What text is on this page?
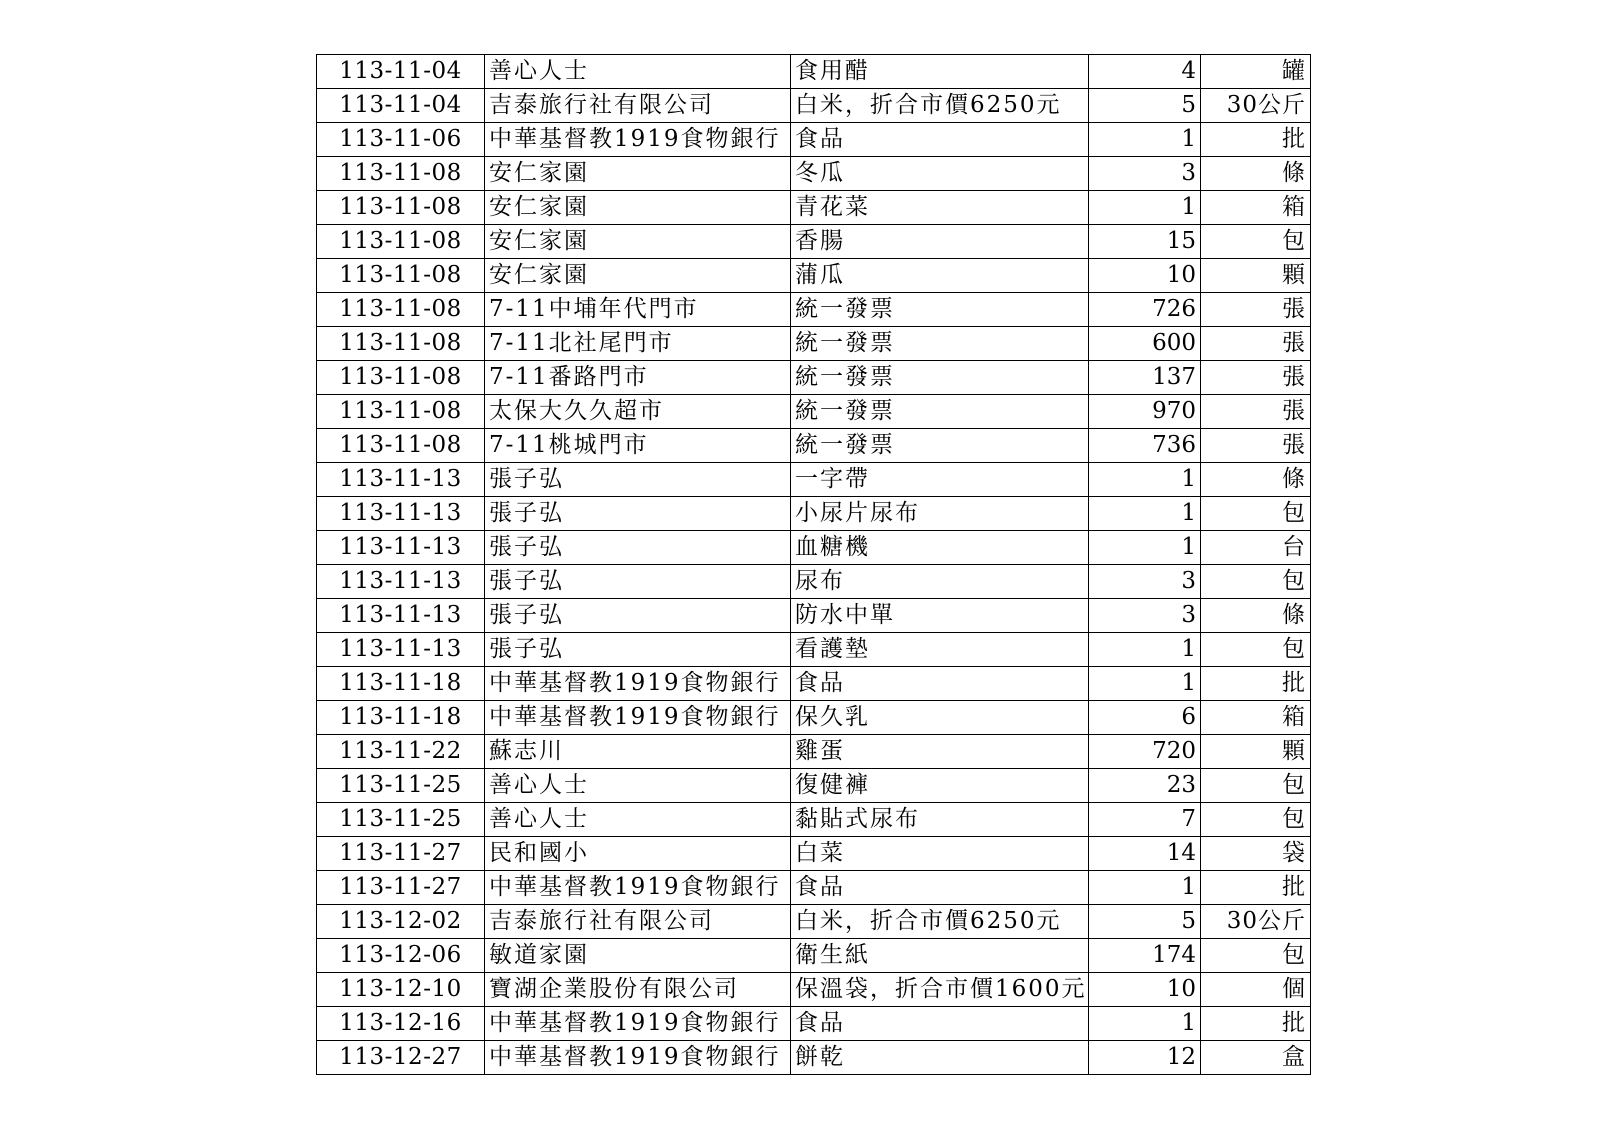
113-11-04	善心人士	食用醋	4	罐
113-11-04	吉泰旅行社有限公司	白米，折合市價6250元	5	30公斤
113-11-06	中華基督教1919食物銀行	食品	1	批
113-11-08	安仁家園	冬瓜	3	條
113-11-08	安仁家園	青花菜	1	箱
113-11-08	安仁家園	香腸	15	包
113-11-08	安仁家園	蒲瓜	10	顆
113-11-08	7-11中埔年代門市	統一發票	726	張
113-11-08	7-11北社尾門市	統一發票	600	張
113-11-08	7-11番路門市	統一發票	137	張
113-11-08	太保大久久超市	統一發票	970	張
113-11-08	7-11桃城門市	統一發票	736	張
113-11-13	張子弘	一字帶	1	條
113-11-13	張子弘	小尿片尿布	1	包
113-11-13	張子弘	血糖機	1	台
113-11-13	張子弘	尿布	3	包
113-11-13	張子弘	防水中單	3	條
113-11-13	張子弘	看護墊	1	包
113-11-18	中華基督教1919食物銀行	食品	1	批
113-11-18	中華基督教1919食物銀行	保久乳	6	箱
113-11-22	蘇志川	雞蛋	720	顆
113-11-25	善心人士	復健褲	23	包
113-11-25	善心人士	黏貼式尿布	7	包
113-11-27	民和國小	白菜	14	袋
113-11-27	中華基督教1919食物銀行	食品	1	批
113-12-02	吉泰旅行社有限公司	白米，折合市價6250元	5	30公斤
113-12-06	敏道家園	衛生紙	174	包
113-12-10	寶湖企業股份有限公司	保溫袋，折合市價1600元	10	個
113-12-16	中華基督教1919食物銀行	食品	1	批
113-12-27	中華基督教1919食物銀行	餅乾	12	盒
